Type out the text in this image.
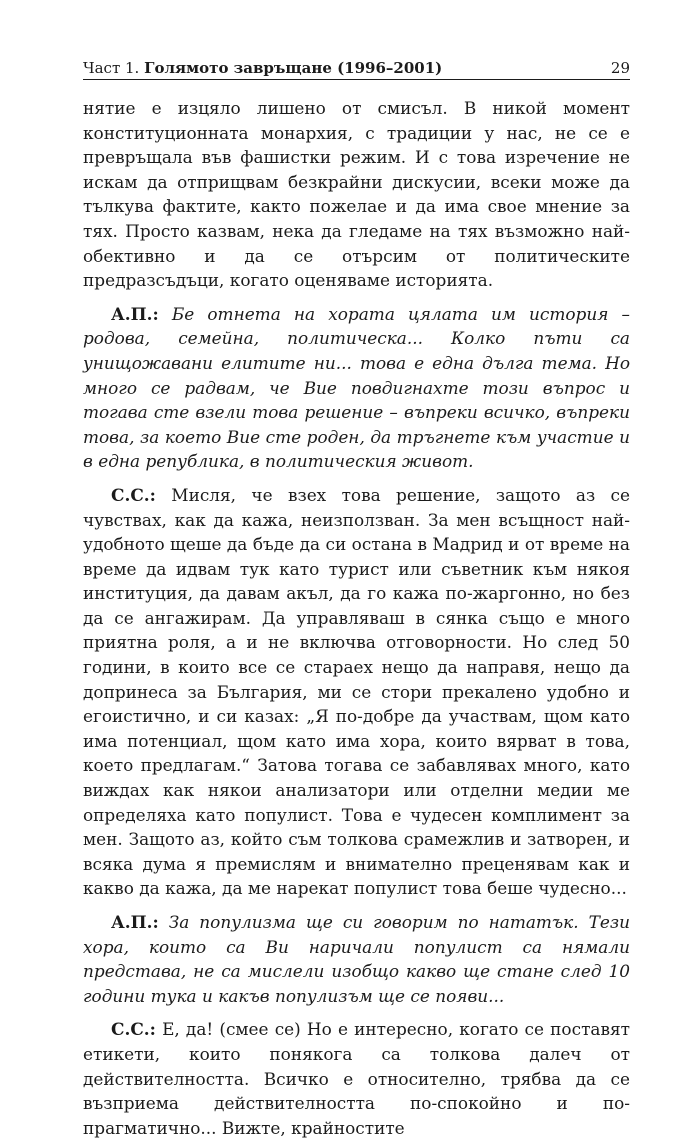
Част 1. Голямото завръщане (1996–2001)	29

нятие е изцяло лишено от смисъл. В никой момент конституционната монархия, с традиции у нас, не се е превръщала във фашистки режим. И с това изречение не искам да отприщвам безкрайни дискусии, всеки може да тълкува фактите, както пожелае и да има свое мнение за тях. Просто казвам, нека да гледаме на тях възможно най-обективно и да се отърсим от политическите предразсъдъци, когато оценяваме историята.

А.П.: Бе отнета на хората цялата им история – родова, семейна, политическа... Колко пъти са унищожавани елитите ни... това е една дълга тема. Но много се радвам, че Вие повдигнахте този въпрос и тогава сте взели това решение – въпреки всичко, въпреки това, за което Вие сте роден, да тръгнете към участие и в една република, в политическия живот.

С.С.: Мисля, че взех това решение, защото аз се чувствах, как да кажа, неизползван. За мен всъщност най-удобното щеше да бъде да си остана в Мадрид и от време на време да идвам тук като турист или съветник към някоя институция, да давам акъл, да го кажа по-жаргонно, но без да се ангажирам. Да управляваш в сянка също е много приятна роля, а и не включва отговорности. Но след 50 години, в които все се стараех нещо да направя, нещо да допринеса за България, ми се стори прекалено удобно и егоистично, и си казах: „Я по-добре да участвам, щом като има потенциал, щом като има хора, които вярват в това, което предлагам.“ Затова тогава се забавлявах много, като виждах как някои анализатори или отделни медии ме определяха като популист. Това е чудесен комплимент за мен. Защото аз, който съм толкова срамежлив и затворен, и всяка дума я премислям и внимателно преценявам как и какво да кажа, да ме нарекат популист това беше чудесно...

А.П.: За популизма ще си говорим по нататък. Тези хора, които са Ви наричали популист са нямали представа, не са мислели изобщо какво ще стане след 10 години тука и какъв популизъм ще се появи...

С.С.: Е, да! (смее се) Но е интересно, когато се поставят етикети, които понякога са толкова далеч от действителността. Всичко е относително, трябва да се възприема действителността по-спокойно и по-прагматично... Вижте, крайностите
